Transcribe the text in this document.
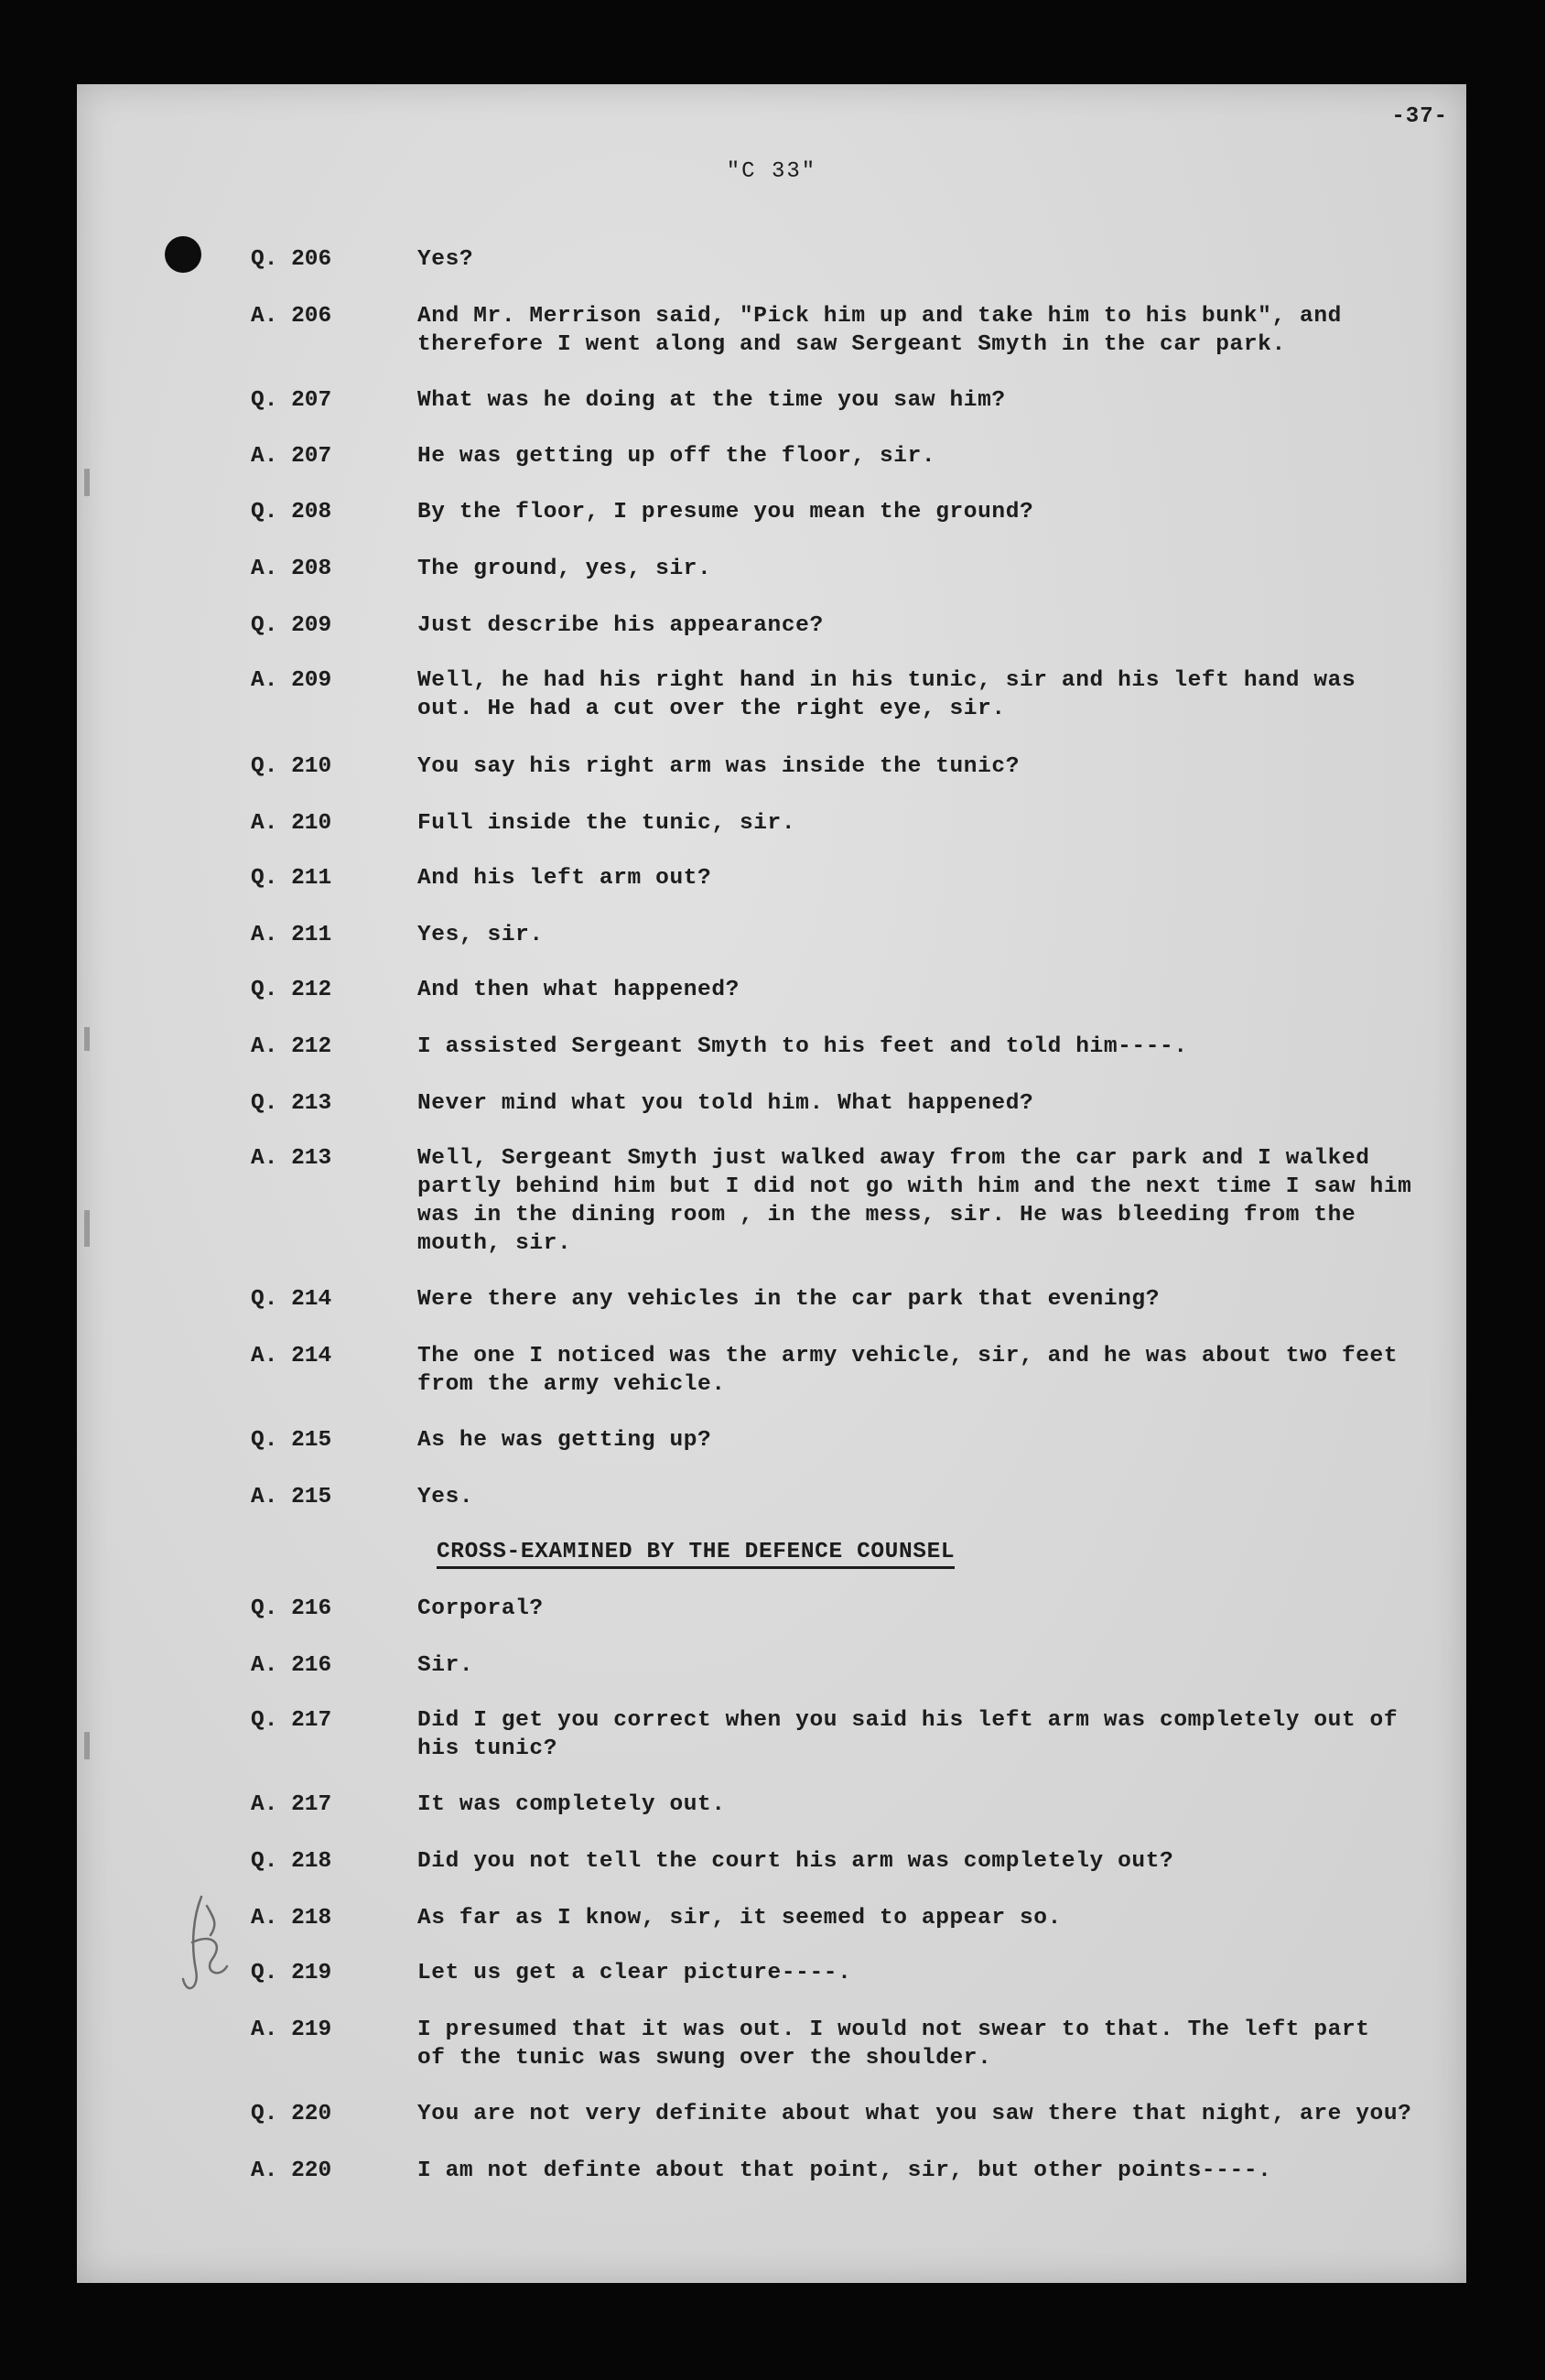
-37-
"C 33"
Q. 206	Yes?
A. 206	And Mr. Merrison said, "Pick him up and take him to his bunk", and
therefore I went along and saw Sergeant Smyth in the car park.
Q. 207	What was he doing at the time you saw him?
A. 207	He was getting up off the floor, sir.
Q. 208	By the floor, I presume you mean the ground?
A. 208	The ground, yes, sir.
Q. 209	Just describe his appearance?
A. 209	Well, he had his right hand in his tunic, sir and his left hand was
out. He had a cut over the right eye, sir.
Q. 210	You say his right arm was inside the tunic?
A. 210	Full inside the tunic, sir.
Q. 211	And his left arm out?
A. 211	Yes, sir.
Q. 212	And then what happened?
A. 212	I assisted Sergeant Smyth to his feet and told him----.
Q. 213	Never mind what you told him. What happened?
A. 213	Well, Sergeant Smyth just walked away from the car park and I walked
partly behind him but I did not go with him and the next time I saw him
was in the dining room , in the mess, sir. He was bleeding from the
mouth, sir.
Q. 214	Were there any vehicles in the car park that evening?
A. 214	The one I noticed was the army vehicle, sir, and he was about two feet
from the army vehicle.
Q. 215	As he was getting up?
A. 215	Yes.
Q. 216	Corporal?
A. 216	Sir.
Q. 217	Did I get you correct when you said his left arm was completely out of
his tunic?
A. 217	It was completely out.
Q. 218	Did you not tell the court his arm was completely out?
A. 218	As far as I know, sir, it seemed to appear so.
Q. 219	Let us get a clear picture----.
A. 219	I presumed that it was out. I would not swear to that. The left part
of the tunic was swung over the shoulder.
Q. 220	You are not very definite about what you saw there that night, are you?
A. 220	I am not definte about that point, sir, but other points----.
CROSS-EXAMINED BY THE DEFENCE COUNSEL
